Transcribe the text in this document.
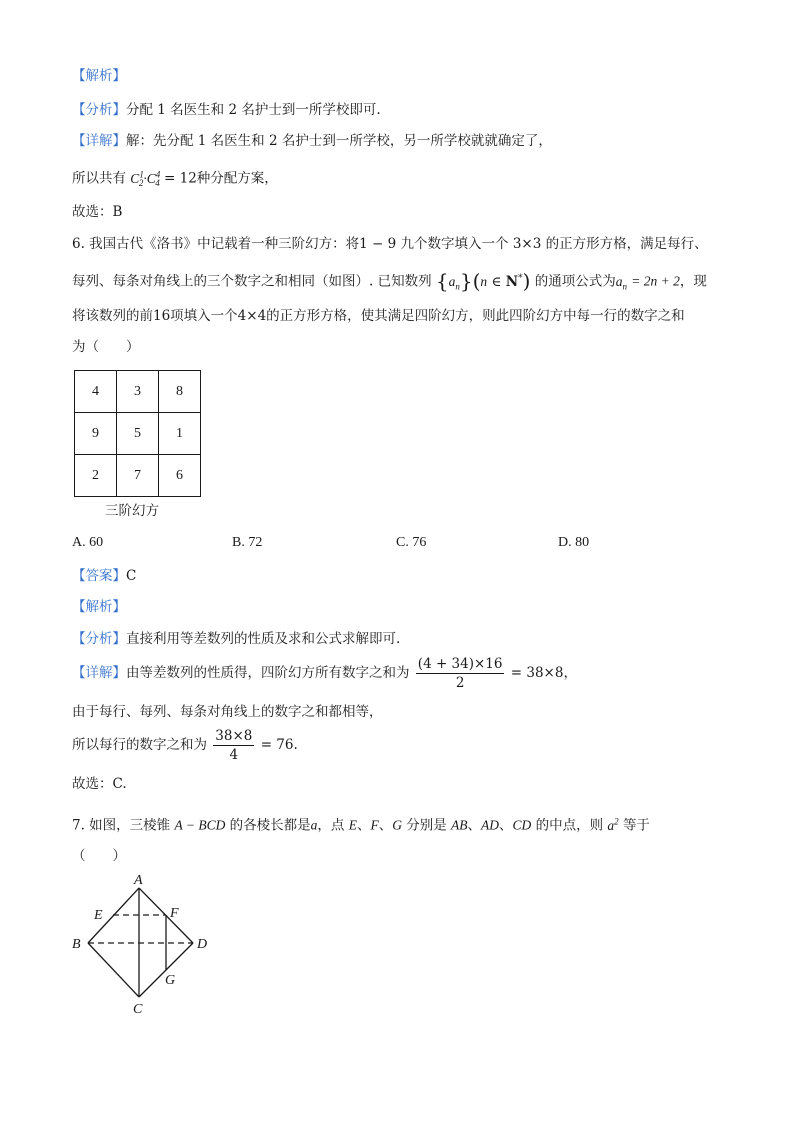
【解析】
【分析】分配 1 名医生和 2 名护士到一所学校即可.
【详解】解：先分配 1 名医生和 2 名护士到一所学校，另一所学校就就确定了，
所以共有 $C^1_2\cdot C^4_4 = 12$种分配方案，
故选：B
6. 我国古代《洛书》中记载着一种三阶幻方：将1 − 9 九个数字填入一个 3×3 的正方形方格，满足每行、
每列、每条对角线上的三个数字之和相同（如图）. 已知数列 $\{a_n\}(n$ ∈ N*) 的通项公式为$a_n = 2n + 2$，现
将该数列的前16项填入一个4×4的正方形方格，使其满足四阶幻方，则此四阶幻方中每一行的数字之和
为（　　）
4	3	8
9	5	1
2	7	6
三阶幻方
A. 60	B. 72	C. 76	D. 80
【答案】C
【解析】
【分析】直接利用等差数列的性质及求和公式求解即可.
【详解】由等差数列的性质得，四阶幻方所有数字之和为 $\frac{(4 + 34)\times 16}{2} = 38\times 8$，
由于每行、每列、每条对角线上的数字之和都相等，
所以每行的数字之和为 $\frac{38\times 8}{4} = 76$.
故选：C.
7. 如图，三棱锥 A − BCD 的各棱长都是a，点 E、F、G 分别是 AB、AD、CD 的中点，则 $a^2$ 等于
（　　）
A
B
C
D
E	F
G
